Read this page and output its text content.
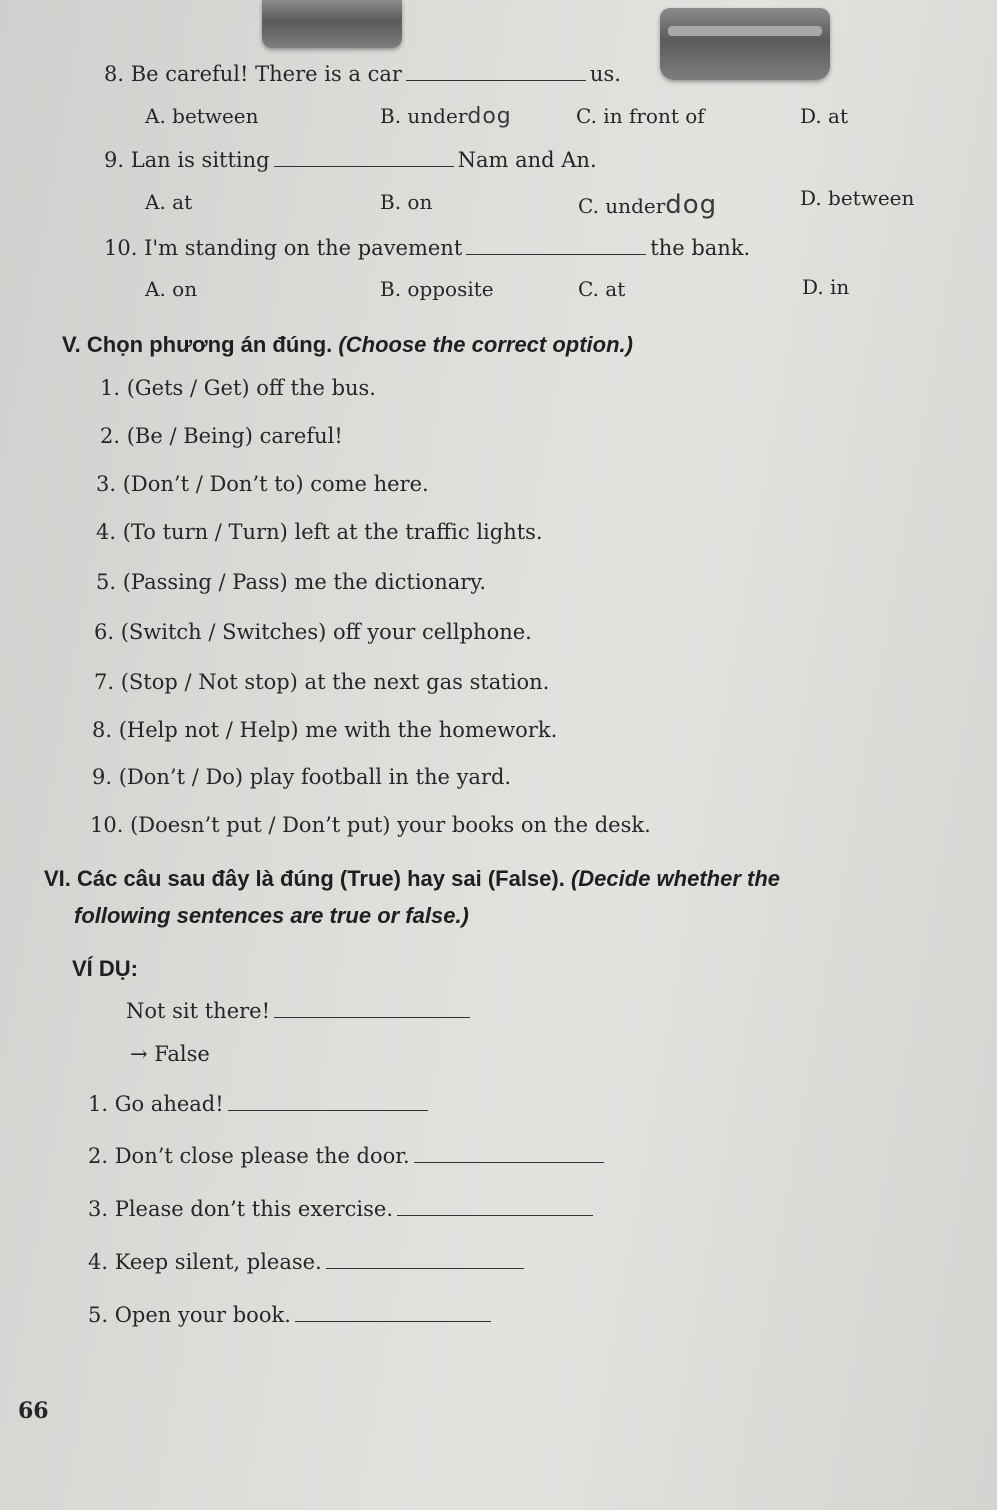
8. Be careful! There is a car	us.
A. between	B. underdog	C. in front of	D. at
9. Lan is sitting	Nam and An.
A. at	B. on	C. underdog	D. between
10. I'm standing on the pavement	the bank.
A. on	B. opposite	C. at	D. in
V. Chọn phương án đúng. (Choose the correct option.)
1. (Gets / Get) off the bus.
2. (Be / Being) careful!
3. (Don’t / Don’t to) come here.
4. (To turn / Turn) left at the traffic lights.
5. (Passing / Pass) me the dictionary.
6. (Switch / Switches) off your cellphone.
7. (Stop / Not stop) at the next gas station.
8. (Help not / Help) me with the homework.
9. (Don’t / Do) play football in the yard.
10. (Doesn’t put / Don’t put) your books on the desk.
VI. Các câu sau đây là đúng (True) hay sai (False). (Decide whether the
following sentences are true or false.)
VÍ DỤ:
Not sit there!
→ False
1. Go ahead!
2. Don’t close please the door.
3. Please don’t this exercise.
4. Keep silent, please.
5. Open your book.
66
